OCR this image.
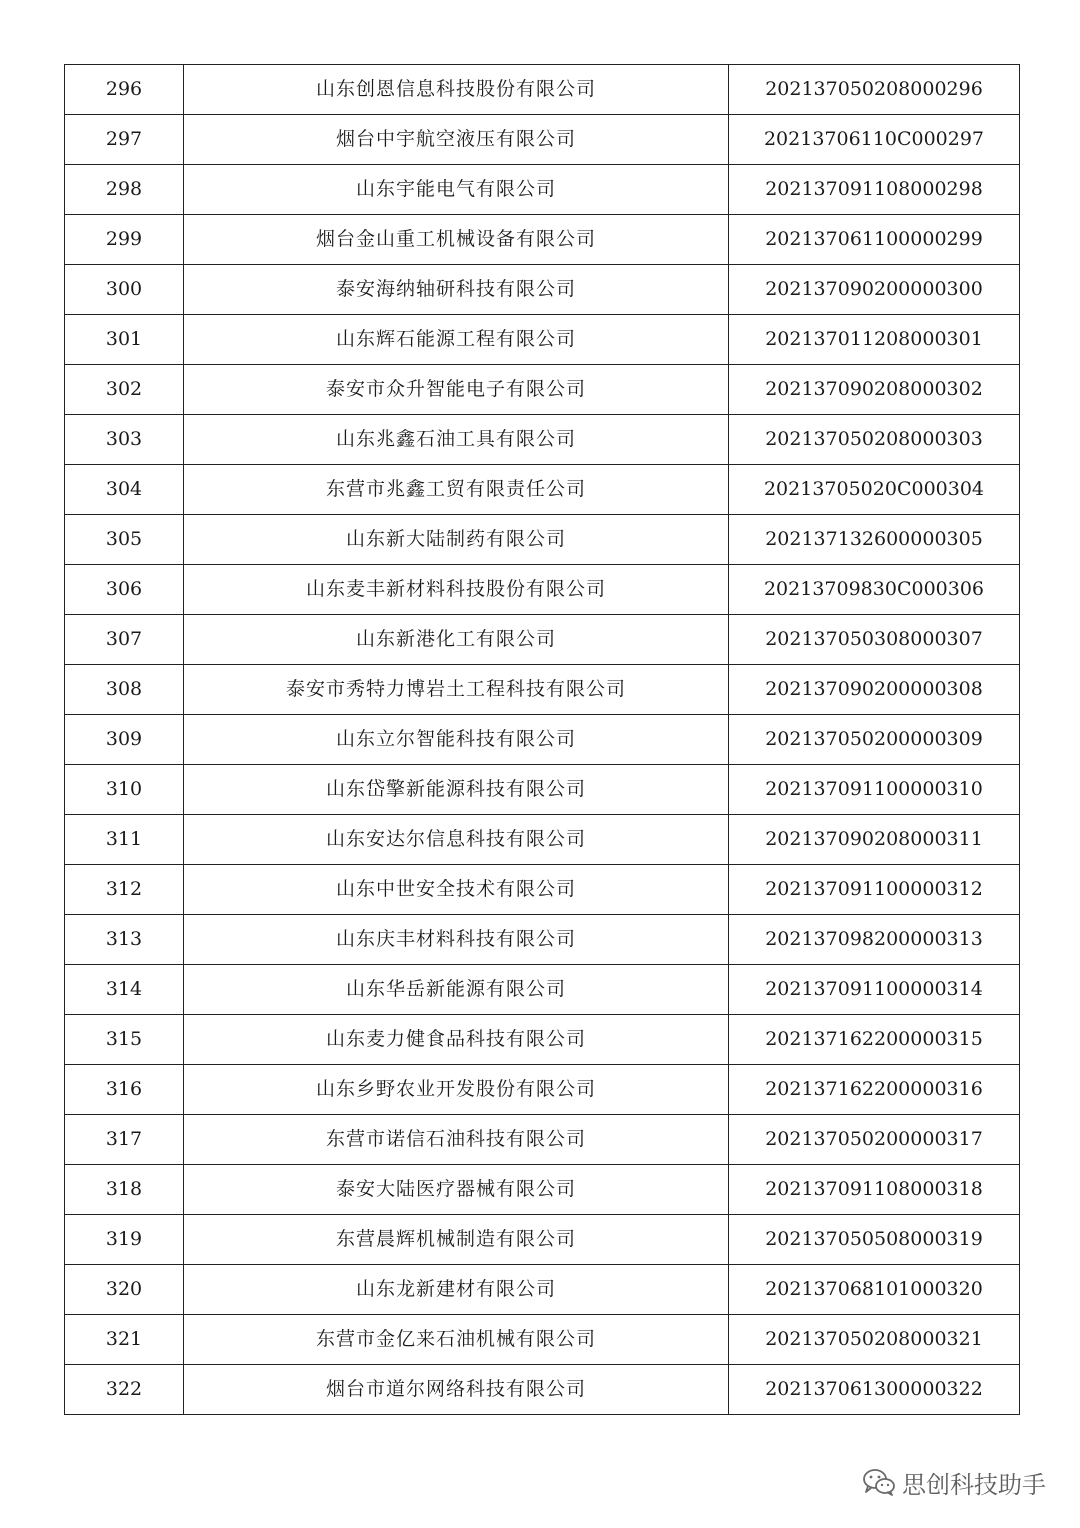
296	山东创恩信息科技股份有限公司	202137050208000296
297	烟台中宇航空液压有限公司	20213706110C000297
298	山东宇能电气有限公司	202137091108000298
299	烟台金山重工机械设备有限公司	202137061100000299
300	泰安海纳轴研科技有限公司	202137090200000300
301	山东辉石能源工程有限公司	202137011208000301
302	泰安市众升智能电子有限公司	202137090208000302
303	山东兆鑫石油工具有限公司	202137050208000303
304	东营市兆鑫工贸有限责任公司	20213705020C000304
305	山东新大陆制药有限公司	202137132600000305
306	山东麦丰新材料科技股份有限公司	20213709830C000306
307	山东新港化工有限公司	202137050308000307
308	泰安市秀特力博岩土工程科技有限公司	202137090200000308
309	山东立尔智能科技有限公司	202137050200000309
310	山东岱擎新能源科技有限公司	202137091100000310
311	山东安达尔信息科技有限公司	202137090208000311
312	山东中世安全技术有限公司	202137091100000312
313	山东庆丰材料科技有限公司	202137098200000313
314	山东华岳新能源有限公司	202137091100000314
315	山东麦力健食品科技有限公司	202137162200000315
316	山东乡野农业开发股份有限公司	202137162200000316
317	东营市诺信石油科技有限公司	202137050200000317
318	泰安大陆医疗器械有限公司	202137091108000318
319	东营晨辉机械制造有限公司	202137050508000319
320	山东龙新建材有限公司	202137068101000320
321	东营市金亿来石油机械有限公司	202137050208000321
322	烟台市道尔网络科技有限公司	202137061300000322
思创科技助手
